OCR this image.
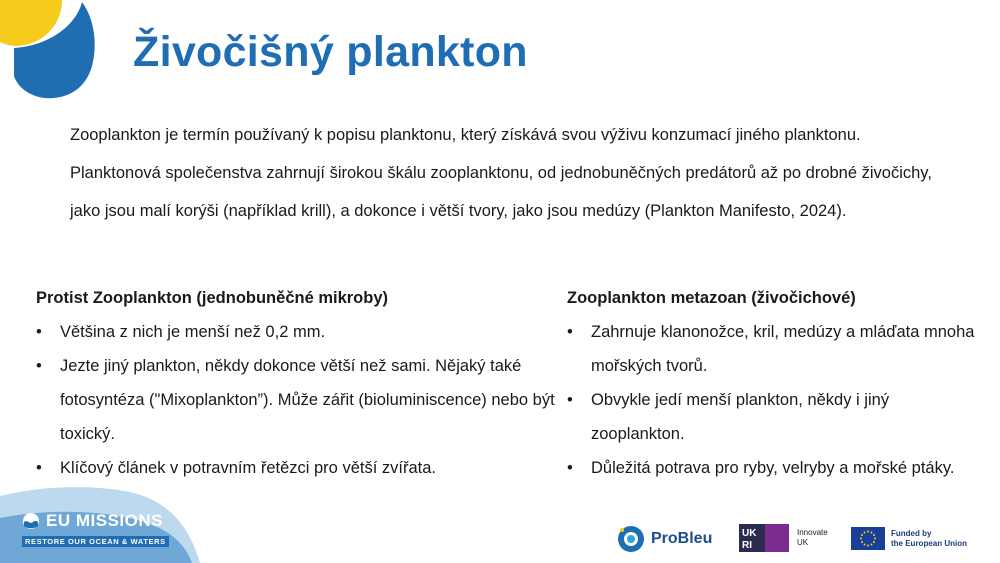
Živočišný plankton

Zooplankton je termín používaný k popisu planktonu, který získává svou výživu konzumací jiného planktonu.

Planktonová společenstva zahrnují širokou škálu zooplanktonu, od jednobuněčných predátorů až po drobné živočichy, jako jsou malí korýši (například krill), a dokonce i větší tvory, jako jsou medúzy (Plankton Manifesto, 2024).

Protist Zooplankton (jednobuněčné mikroby)
• Většina z nich je menší než 0,2 mm.
• Jezte jiný plankton, někdy dokonce větší než sami. Nějaký také fotosyntéza ("Mixoplankton”). Může zářit (bioluminiscence) nebo být toxický.
• Klíčový článek v potravním řetězci pro větší zvířata.
Zooplankton metazoan (živočichové)
• Zahrnuje klanonožce, kril, medúzy a mláďata mnoha mořských tvorů.
• Obvykle jedí menší plankton, někdy i jiný zooplankton.
• Důležitá potrava pro ryby, velryby a mořské ptáky.
EU MISSIONS
RESTORE OUR OCEAN & WATERS	ProBleu	UK
RI
Innovate
UK
Funded by
the European Union
